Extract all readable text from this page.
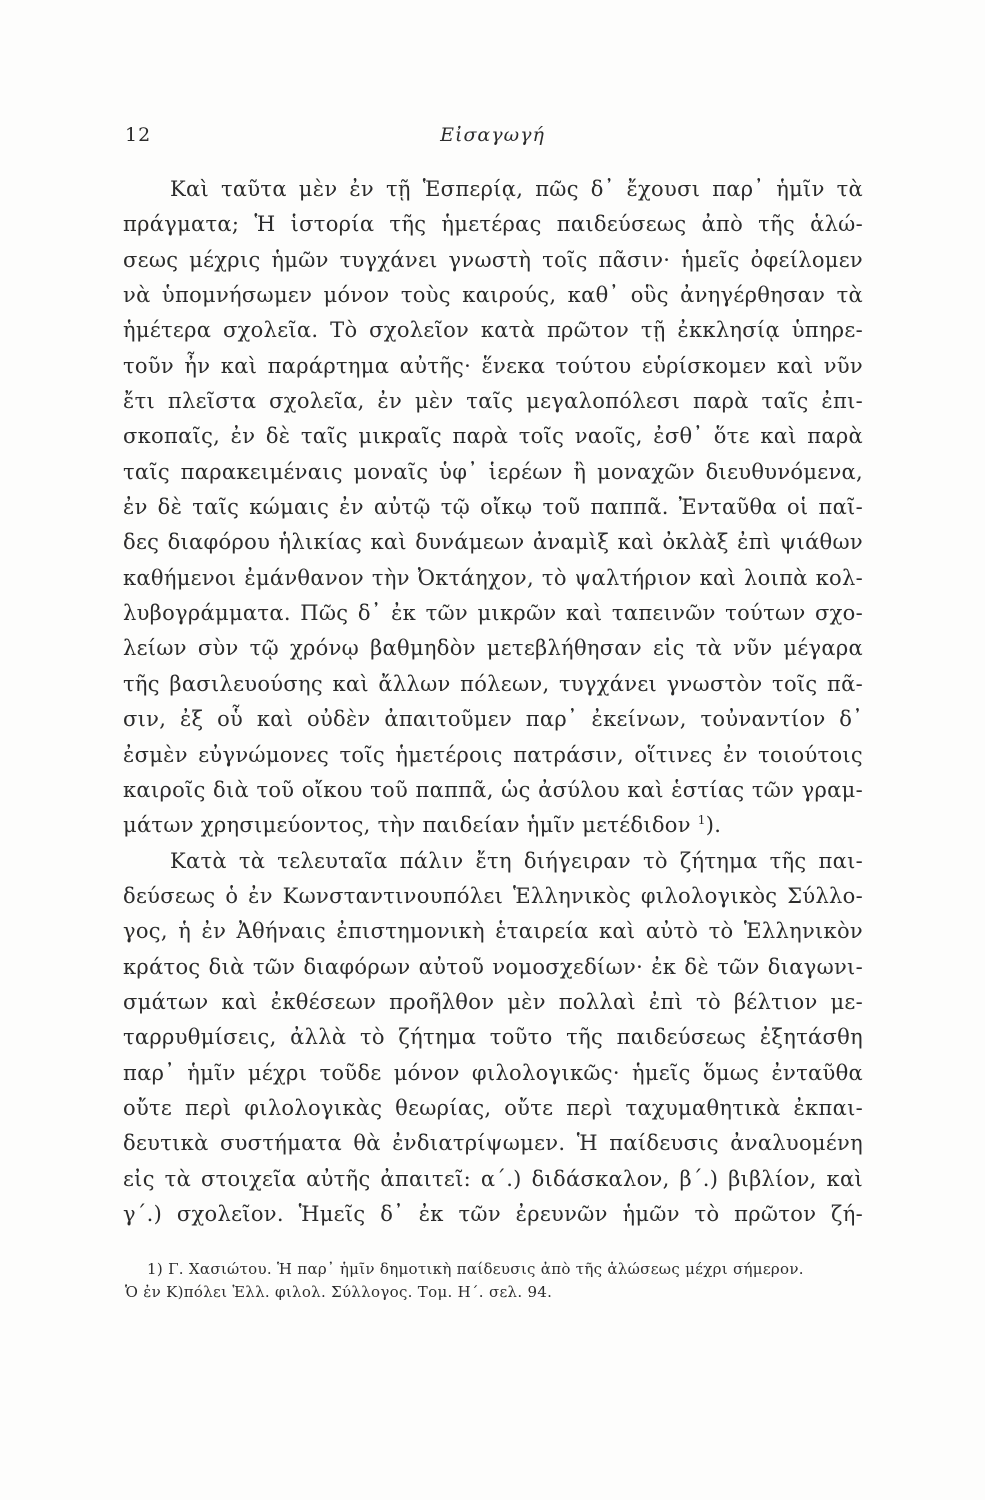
12	Εἰσαγωγή
Καὶ ταῦτα μὲν ἐν τῇ Ἑσπερίᾳ, πῶς δ᾽ ἔχουσι παρ᾽ ἡμῖν τὰ
πράγματα; Ἡ ἱστορία τῆς ἡμετέρας παιδεύσεως ἀπὸ τῆς ἁλώ-
σεως μέχρις ἡμῶν τυγχάνει γνωστὴ τοῖς πᾶσιν· ἡμεῖς ὀφείλομεν
νὰ ὑπομνήσωμεν μόνον τοὺς καιρούς, καθ᾽ οὓς ἀνηγέρθησαν τὰ
ἡμέτερα σχολεῖα. Τὸ σχολεῖον κατὰ πρῶτον τῇ ἐκκλησίᾳ ὑπηρε-
τοῦν ἦν καὶ παράρτημα αὐτῆς· ἕνεκα τούτου εὑρίσκομεν καὶ νῦν
ἔτι πλεῖστα σχολεῖα, ἐν μὲν ταῖς μεγαλοπόλεσι παρὰ ταῖς ἐπι-
σκοπαῖς, ἐν δὲ ταῖς μικραῖς παρὰ τοῖς ναοῖς, ἐσθ᾽ ὅτε καὶ παρὰ
ταῖς παρακειμέναις μοναῖς ὑφ᾽ ἱερέων ἢ μοναχῶν διευθυνόμενα,
ἐν δὲ ταῖς κώμαις ἐν αὐτῷ τῷ οἴκῳ τοῦ παππᾶ. Ἐνταῦθα οἱ παῖ-
δες διαφόρου ἡλικίας καὶ δυνάμεων ἀναμὶξ καὶ ὀκλὰξ ἐπὶ ψιάθων
καθήμενοι ἐμάνθανον τὴν Ὀκτάηχον, τὸ ψαλτήριον καὶ λοιπὰ κολ-
λυβογράμματα. Πῶς δ᾽ ἐκ τῶν μικρῶν καὶ ταπεινῶν τούτων σχο-
λείων σὺν τῷ χρόνῳ βαθμηδὸν μετεβλήθησαν εἰς τὰ νῦν μέγαρα
τῆς βασιλευούσης καὶ ἄλλων πόλεων, τυγχάνει γνωστὸν τοῖς πᾶ-
σιν, ἐξ οὗ καὶ οὐδὲν ἀπαιτοῦμεν παρ᾽ ἐκείνων, τοὐναντίον δ᾽
ἐσμὲν εὐγνώμονες τοῖς ἡμετέροις πατράσιν, οἵτινες ἐν τοιούτοις
καιροῖς διὰ τοῦ οἴκου τοῦ παππᾶ, ὡς ἀσύλου καὶ ἑστίας τῶν γραμ-
μάτων χρησιμεύοντος, τὴν παιδείαν ἡμῖν μετέδιδον $^1$).
Κατὰ τὰ τελευταῖα πάλιν ἔτη διήγειραν τὸ ζήτημα τῆς παι-
δεύσεως ὁ ἐν Κωνσταντινουπόλει Ἑλληνικὸς φιλολογικὸς Σύλλο-
γος, ἡ ἐν Ἀθήναις ἐπιστημονικὴ ἑταιρεία καὶ αὐτὸ τὸ Ἑλληνικὸν
κράτος διὰ τῶν διαφόρων αὐτοῦ νομοσχεδίων· ἐκ δὲ τῶν διαγωνι-
σμάτων καὶ ἐκθέσεων προῆλθον μὲν πολλαὶ ἐπὶ τὸ βέλτιον με-
ταρρυθμίσεις, ἀλλὰ τὸ ζήτημα τοῦτο τῆς παιδεύσεως ἐξητάσθη
παρ᾽ ἡμῖν μέχρι τοῦδε μόνον φιλολογικῶς· ἡμεῖς ὅμως ἐνταῦθα
οὔτε περὶ φιλολογικὰς θεωρίας, οὔτε περὶ ταχυμαθητικὰ ἐκπαι-
δευτικὰ συστήματα θὰ ἐνδιατρίψωμεν. Ἡ παίδευσις ἀναλυομένη
εἰς τὰ στοιχεῖα αὐτῆς ἀπαιτεῖ: α΄.) διδάσκαλον, β΄.) βιβλίον, καὶ
γ΄.) σχολεῖον. Ἡμεῖς δ᾽ ἐκ τῶν ἐρευνῶν ἡμῶν τὸ πρῶτον ζή-
1) Γ. Χασιώτου. Ἡ παρ᾽ ἡμῖν δημοτικὴ παίδευσις ἀπὸ τῆς ἁλώσεως μέχρι σήμερον.
Ὁ ἐν Κ)πόλει Ἑλλ. φιλολ. Σύλλογος. Τομ. Η΄. σελ. 94.
